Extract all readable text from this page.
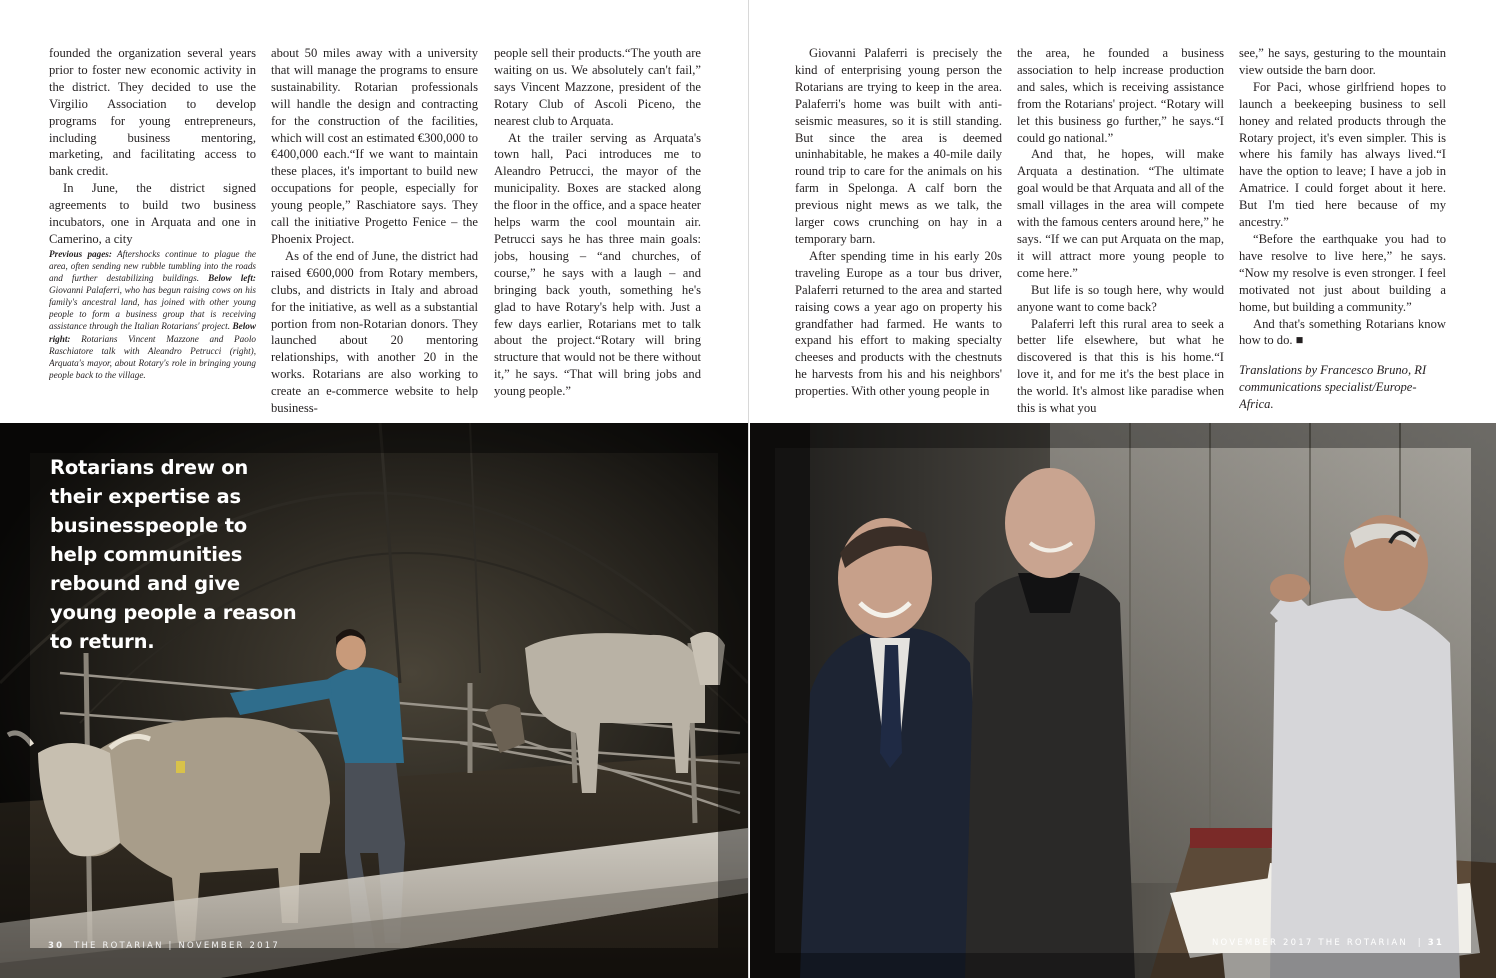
founded the organization several years prior to foster new economic activity in the district. They decided to use the Virgilio Association to develop programs for young entrepreneurs, including business mentoring, marketing, and facilitating access to bank credit.

In June, the district signed agreements to build two business incubators, one in Arquata and one in Camerino, a city

Previous pages: Aftershocks continue to plague the area, often sending new rubble tumbling into the roads and further destabilizing buildings. Below left: Giovanni Palaferri, who has begun raising cows on his family's ancestral land, has joined with other young people to form a business group that is receiving assistance through the Italian Rotarians' project. Below right: Rotarians Vincent Mazzone and Paolo Raschiatore talk with Aleandro Petrucci (right), Arquata's mayor, about Rotary's role in bringing young people back to the village.

about 50 miles away with a university that will manage the programs to ensure sustainability. Rotarian professionals will handle the design and contracting for the construction of the facilities, which will cost an estimated €300,000 to €400,000 each.“If we want to maintain these places, it's important to build new occupations for people, especially for young people,” Raschiatore says. They call the initiative Progetto Fenice – the Phoenix Project.

As of the end of June, the district had raised €600,000 from Rotary members, clubs, and districts in Italy and abroad for the initiative, as well as a substantial portion from non-Rotarian donors. They launched about 20 mentoring relationships, with another 20 in the works. Rotarians are also working to create an e-commerce website to help business-

people sell their products.“The youth are waiting on us. We absolutely can't fail,” says Vincent Mazzone, president of the Rotary Club of Ascoli Piceno, the nearest club to Arquata.

At the trailer serving as Arquata's town hall, Paci introduces me to Aleandro Petrucci, the mayor of the municipality. Boxes are stacked along the floor in the office, and a space heater helps warm the cool mountain air. Petrucci says he has three main goals: jobs, housing – “and churches, of course,” he says with a laugh – and bringing back youth, something he's glad to have Rotary's help with. Just a few days earlier, Rotarians met to talk about the project.“Rotary will bring structure that would not be there without it,” he says. “That will bring jobs and young people.”

Giovanni Palaferri is precisely the kind of enterprising young person the Rotarians are trying to keep in the area. Palaferri's home was built with anti-seismic measures, so it is still standing. But since the area is deemed uninhabitable, he makes a 40-mile daily round trip to care for the animals on his farm in Spelonga. A calf born the previous night mews as we talk, the larger cows crunching on hay in a temporary barn.

After spending time in his early 20s traveling Europe as a tour bus driver, Palaferri returned to the area and started raising cows a year ago on property his grandfather had farmed. He wants to expand his effort to making specialty cheeses and products with the chestnuts he harvests from his and his neighbors' properties. With other young people in

the area, he founded a business association to help increase production and sales, which is receiving assistance from the Rotarians' project. “Rotary will let this business go further,” he says.“I could go national.”

And that, he hopes, will make Arquata a destination. “The ultimate goal would be that Arquata and all of the small villages in the area will compete with the famous centers around here,” he says. “If we can put Arquata on the map, it will attract more young people to come here.”

But life is so tough here, why would anyone want to come back?

Palaferri left this rural area to seek a better life elsewhere, but what he discovered is that this is his home.“I love it, and for me it's the best place in the world. It's almost like paradise when this is what you

see,” he says, gesturing to the mountain view outside the barn door.

For Paci, whose girlfriend hopes to launch a beekeeping business to sell honey and related products through the Rotary project, it's even simpler. This is where his family has always lived.“I have the option to leave; I have a job in Amatrice. I could forget about it here. But I'm tied here because of my ancestry.”

“Before the earthquake you had to have resolve to live here,” he says. “Now my resolve is even stronger. I feel motivated not just about building a home, but building a community.”

And that's something Rotarians know how to do. ■

Translations by Francesco Bruno, RI communications specialist/Europe-Africa.

Rotarians drew on their expertise as businesspeople to help communities rebound and give young people a reason to return.
30 THE ROTARIAN | NOVEMBER 2017	NOVEMBER 2017 THE ROTARIAN  | 31
